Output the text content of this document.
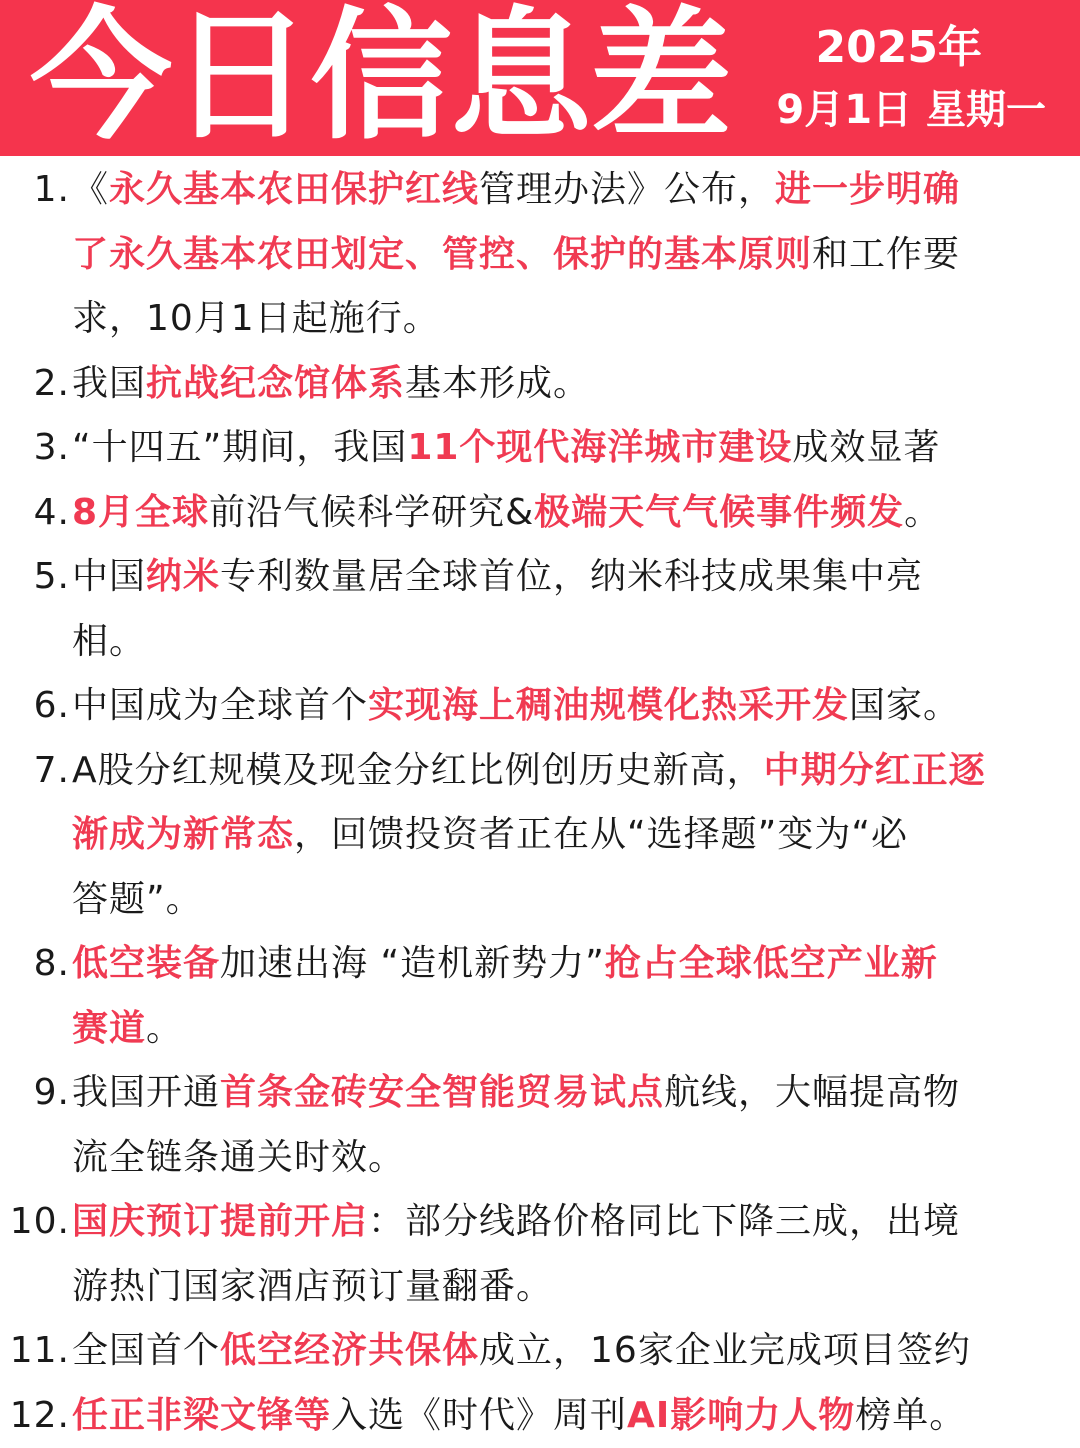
今日信息差 2025年
9月1日 星期一
1. 《永久基本农田保护红线管理办法》公布，进一步明确
了永久基本农田划定、管控、保护的基本原则和工作要
求，10月1日起施行。
2. 我国抗战纪念馆体系基本形成。
3. “十四五”期间，我国11个现代海洋城市建设成效显著
4. 8月全球前沿气候科学研究&极端天气气候事件频发。
5. 中国纳米专利数量居全球首位，纳米科技成果集中亮
相。
6. 中国成为全球首个实现海上稠油规模化热采开发国家。
7. A股分红规模及现金分红比例创历史新高，中期分红正逐
渐成为新常态，回馈投资者正在从“选择题”变为“必
答题”。
8. 低空装备加速出海 “造机新势力”抢占全球低空产业新
赛道。
9. 我国开通首条金砖安全智能贸易试点航线，大幅提高物
流全链条通关时效。
10. 国庆预订提前开启：部分线路价格同比下降三成，出境
游热门国家酒店预订量翻番。
11. 全国首个低空经济共保体成立，16家企业完成项目签约
12. 任正非梁文锋等入选《时代》周刊AI影响力人物榜单。
